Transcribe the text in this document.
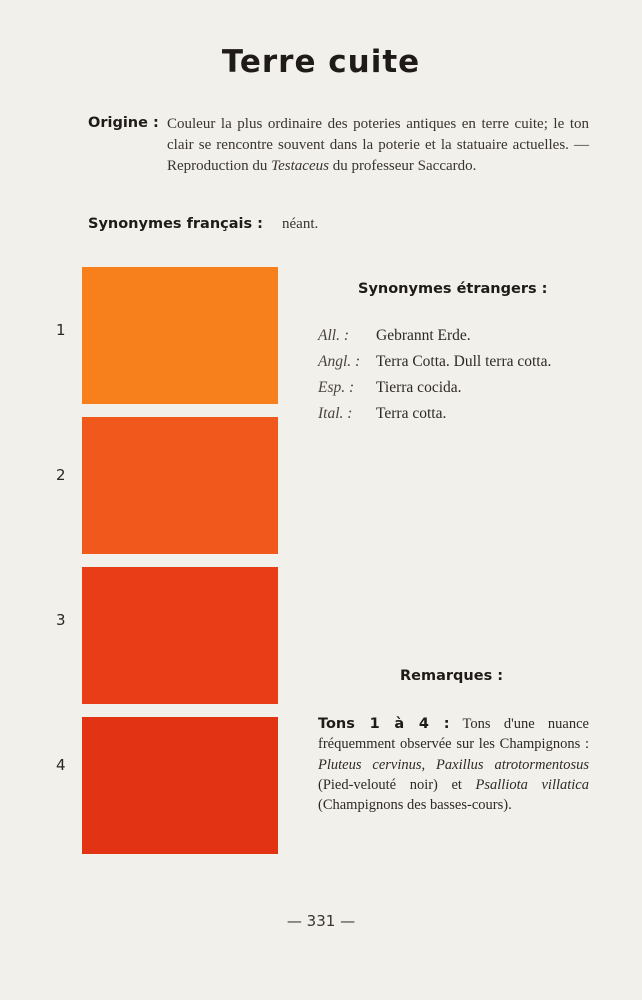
Terre cuite
Origine : Couleur la plus ordinaire des poteries antiques en terre cuite; le ton clair se rencontre souvent dans la poterie et la statuaire actuelles. — Reproduction du Testaceus du professeur Saccardo.
Synonymes français : néant.
1
2
3
4
Synonymes étrangers :
All. : Gebrannt Erde.
Angl. : Terra Cotta. Dull terra cotta.
Esp. : Tierra cocida.
Ital. : Terra cotta.
Remarques :
Tons 1 à 4 : Tons d'une nuance fréquemment observée sur les Champignons : Pluteus cervinus, Paxillus atrotormentosus (Pied-velouté noir) et Psalliota villatica (Champignons des basses-cours).
— 331 —
